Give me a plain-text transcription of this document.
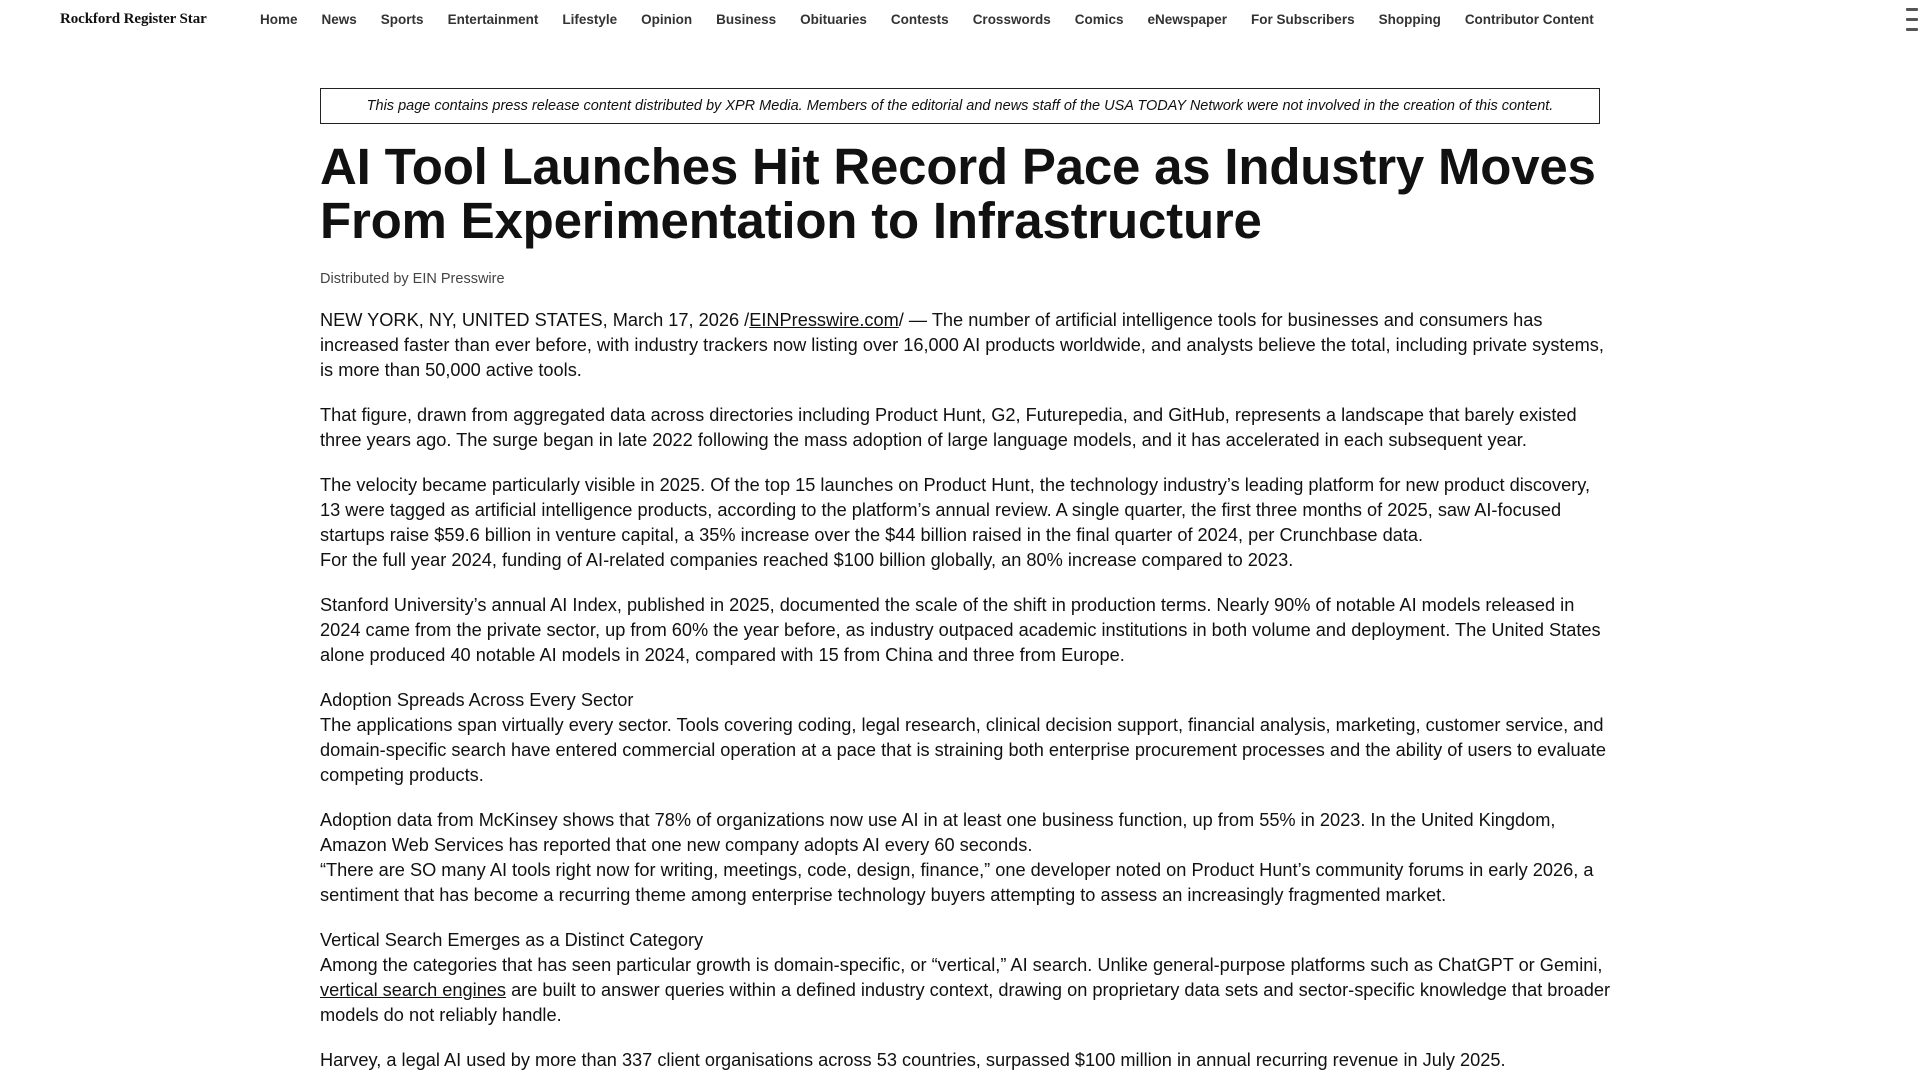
Rockford Register Star	Home News Sports Entertainment Lifestyle Opinion Business Obituaries Contests Crosswords Comics eNewspaper For Subscribers Shopping Contributor Content
This page contains press release content distributed by XPR Media. Members of the editorial and news staff of the USA TODAY Network were not involved in the creation of this content.
AI Tool Launches Hit Record Pace as Industry Moves From Experimentation to Infrastructure
Distributed by EIN Presswire

NEW YORK, NY, UNITED STATES, March 17, 2026 /EINPresswire.com/ — The number of artificial intelligence tools for businesses and consumers has increased faster than ever before, with industry trackers now listing over 16,000 AI products worldwide, and analysts believe the total, including private systems, is more than 50,000 active tools.

That figure, drawn from aggregated data across directories including Product Hunt, G2, Futurepedia, and GitHub, represents a landscape that barely existed three years ago. The surge began in late 2022 following the mass adoption of large language models, and it has accelerated in each subsequent year.

The velocity became particularly visible in 2025. Of the top 15 launches on Product Hunt, the technology industry’s leading platform for new product discovery, 13 were tagged as artificial intelligence products, according to the platform’s annual review. A single quarter, the first three months of 2025, saw AI-focused startups raise $59.6 billion in venture capital, a 35% increase over the $44 billion raised in the final quarter of 2024, per Crunchbase data.
For the full year 2024, funding of AI-related companies reached $100 billion globally, an 80% increase compared to 2023.

Stanford University’s annual AI Index, published in 2025, documented the scale of the shift in production terms. Nearly 90% of notable AI models released in 2024 came from the private sector, up from 60% the year before, as industry outpaced academic institutions in both volume and deployment. The United States alone produced 40 notable AI models in 2024, compared with 15 from China and three from Europe.

Adoption Spreads Across Every Sector
The applications span virtually every sector. Tools covering coding, legal research, clinical decision support, financial analysis, marketing, customer service, and domain-specific search have entered commercial operation at a pace that is straining both enterprise procurement processes and the ability of users to evaluate competing products.

Adoption data from McKinsey shows that 78% of organizations now use AI in at least one business function, up from 55% in 2023. In the United Kingdom, Amazon Web Services has reported that one new company adopts AI every 60 seconds.
“There are SO many AI tools right now for writing, meetings, code, design, finance,” one developer noted on Product Hunt’s community forums in early 2026, a sentiment that has become a recurring theme among enterprise technology buyers attempting to assess an increasingly fragmented market.

Vertical Search Emerges as a Distinct Category
Among the categories that has seen particular growth is domain-specific, or “vertical,” AI search. Unlike general-purpose platforms such as ChatGPT or Gemini, vertical search engines are built to answer queries within a defined industry context, drawing on proprietary data sets and sector-specific knowledge that broader models do not reliably handle.

Harvey, a legal AI used by more than 337 client organisations across 53 countries, surpassed $100 million in annual recurring revenue in July 2025.
